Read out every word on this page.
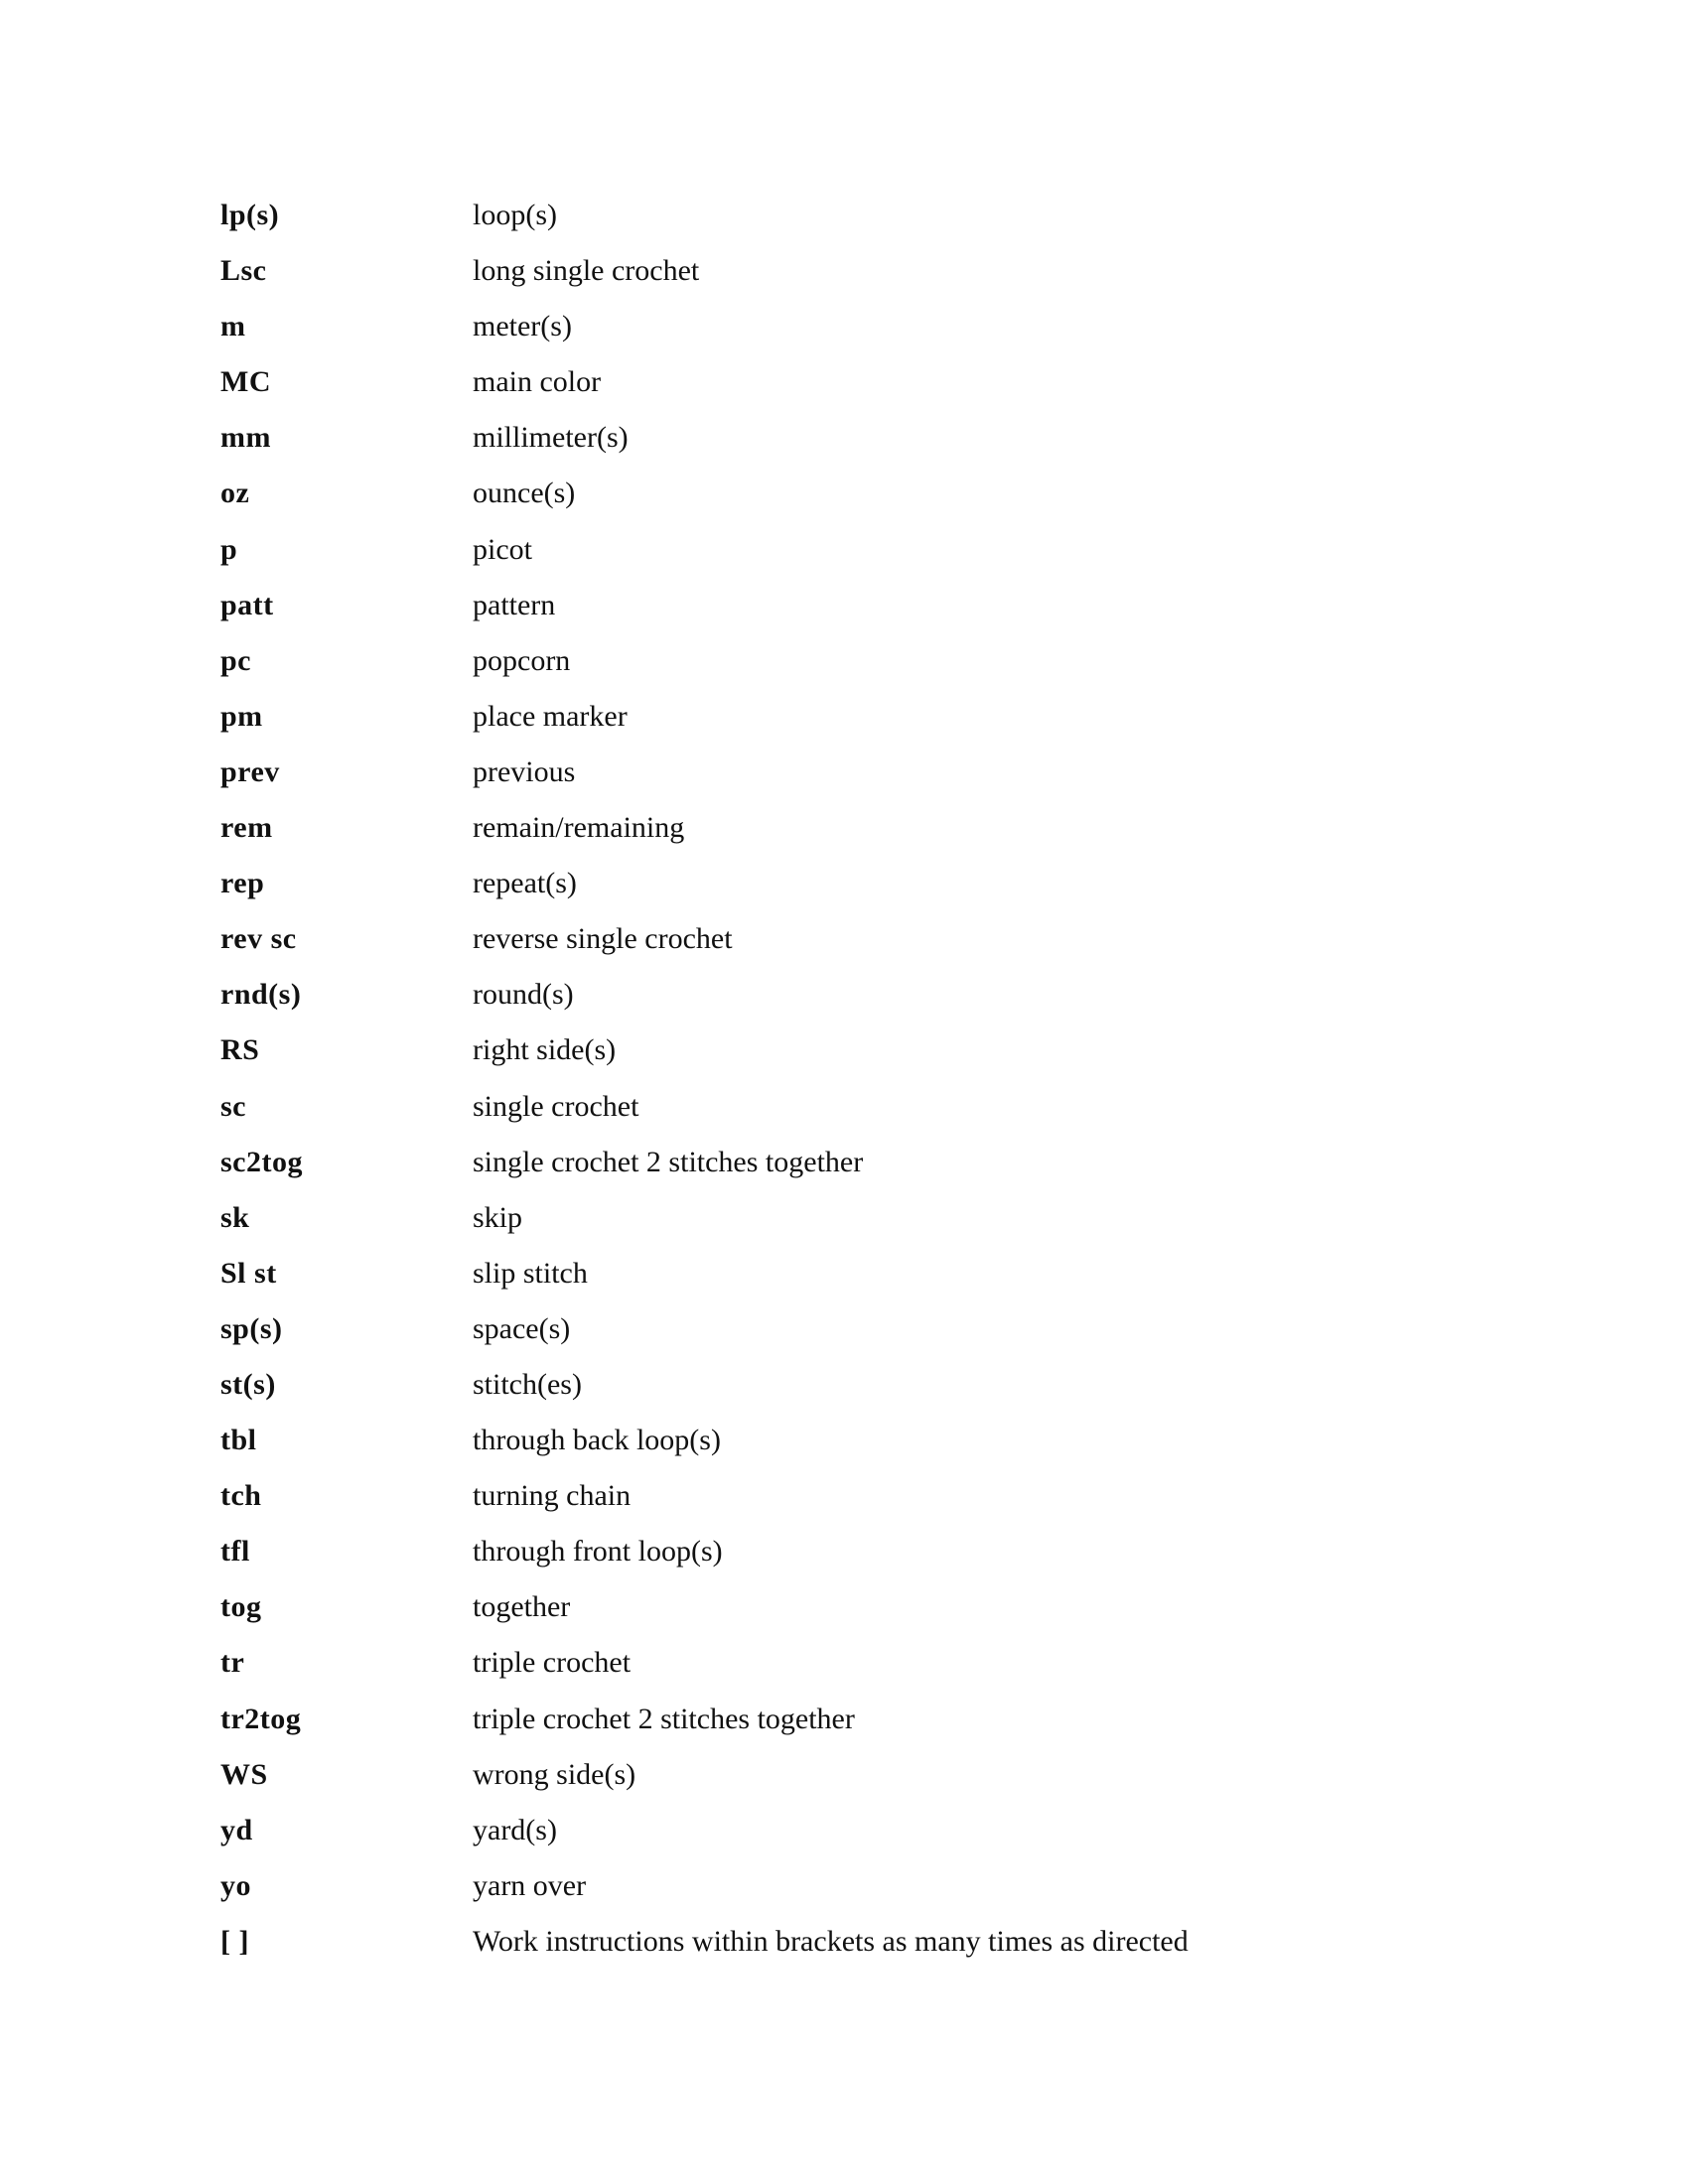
lp(s)	loop(s)
Lsc	long single crochet
m	meter(s)
MC	main color
mm	millimeter(s)
oz	ounce(s)
p	picot
patt	pattern
pc	popcorn
pm	place marker
prev	previous
rem	remain/remaining
rep	repeat(s)
rev sc	reverse single crochet
rnd(s)	round(s)
RS	right side(s)
sc	single crochet
sc2tog	single crochet 2 stitches together
sk	skip
Sl st	slip stitch
sp(s)	space(s)
st(s)	stitch(es)
tbl	through back loop(s)
tch	turning chain
tfl	through front loop(s)
tog	together
tr	triple crochet
tr2tog	triple crochet 2 stitches together
WS	wrong side(s)
yd	yard(s)
yo	yarn over
[ ]	Work instructions within brackets as many times as directed
